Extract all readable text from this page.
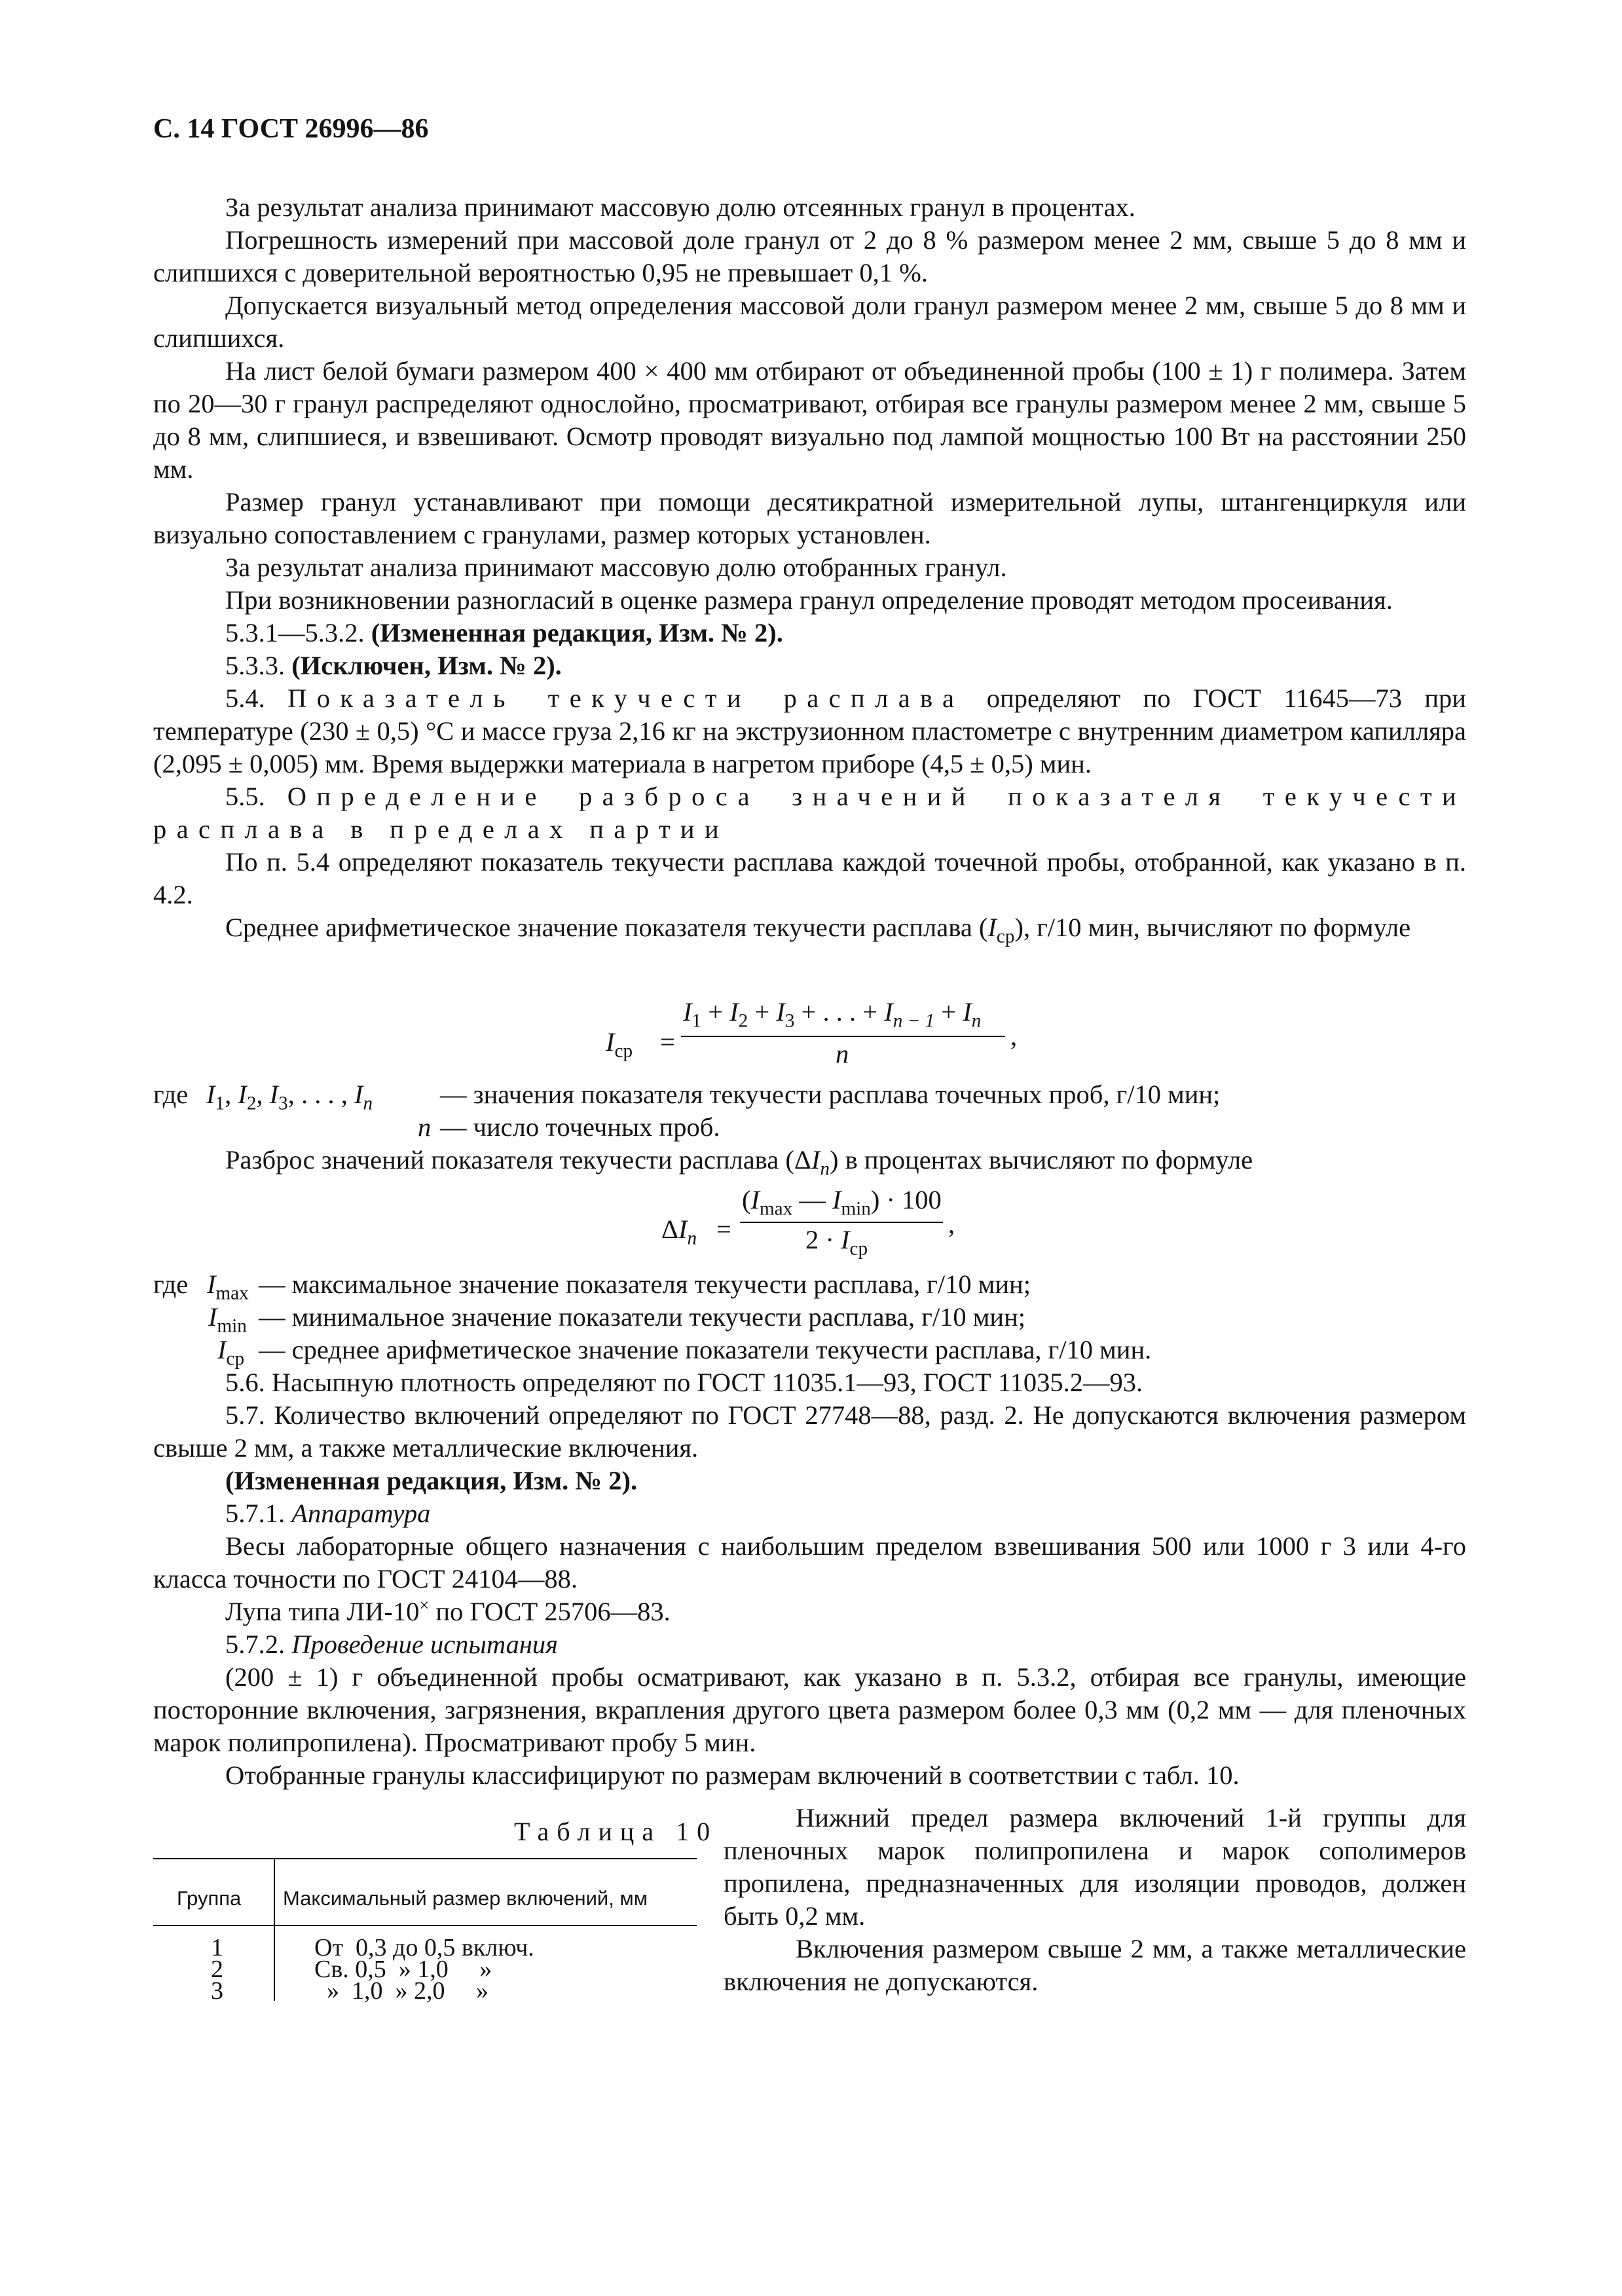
С. 14 ГОСТ 26996—86

За результат анализа принимают массовую долю отсеянных гранул в процентах.

Погрешность измерений при массовой доле гранул от 2 до 8 % размером менее 2 мм, свыше 5 до 8 мм и слипшихся с доверительной вероятностью 0,95 не превышает 0,1 %.

Допускается визуальный метод определения массовой доли гранул размером менее 2 мм, свыше 5 до 8 мм и слипшихся.

На лист белой бумаги размером 400 × 400 мм отбирают от объединенной пробы (100 ± 1) г полимера. Затем по 20—30 г гранул распределяют однослойно, просматривают, отбирая все гранулы размером менее 2 мм, свыше 5 до 8 мм, слипшиеся, и взвешивают. Осмотр проводят визуально под лампой мощностью 100 Вт на расстоянии 250 мм.

Размер гранул устанавливают при помощи десятикратной измерительной лупы, штангенциркуля или визуально сопоставлением с гранулами, размер которых установлен.

За результат анализа принимают массовую долю отобранных гранул.

При возникновении разногласий в оценке размера гранул определение проводят методом просеивания.

5.3.1—5.3.2. (Измененная редакция, Изм. № 2).

5.3.3. (Исключен, Изм. № 2).

5.4. Показатель текучести расплава определяют по ГОСТ 11645—73 при температуре (230 ± 0,5) °С и массе груза 2,16 кг на экструзионном пластометре с внутренним диаметром капилляра (2,095 ± 0,005) мм. Время выдержки материала в нагретом приборе (4,5 ± 0,5) мин.

5.5. Определение разброса значений показателя текучести расплава в пределах партии

По п. 5.4 определяют показатель текучести расплава каждой точечной пробы, отобранной, как указано в п. 4.2.

Среднее арифметическое значение показателя текучести расплава $(I_{ср})$, г/10 мин, вычисляют по формуле

$I_{ср}$ =
$I_1 + I_2 + I_3$ + . . . + $I_{n - 1} + I_n$
n
,
где $I_1$, $I_2$, $I_3$, . . . , $I_n$	— значения показателя текучести расплава точечных проб, г/10 мин;
n — число точечных проб.

Разброс значений показателя текучести расплава $(\Delta I_n)$ в процентах вычисляют по формуле

$\Delta I_n$ =
($I_{max}$ — $I_{min}) \cdot 100$
$2 \cdot I_{ср}$
,
где $I_{max}$ — максимальное значение показателя текучести расплава, г/10 мин;
$I_{min}$ — минимальное значение показатели текучести расплава, г/10 мин;
$I_{ср}$ — среднее арифметическое значение показатели текучести расплава, г/10 мин.

5.6. Насыпную плотность определяют по ГОСТ 11035.1—93, ГОСТ 11035.2—93.

5.7. Количество включений определяют по ГОСТ 27748—88, разд. 2. Не допускаются включения размером свыше 2 мм, а также металлические включения.

(Измененная редакция, Изм. № 2).

5.7.1. Аппаратура

Весы лабораторные общего назначения с наибольшим пределом взвешивания 500 или 1000 г 3 или 4-го класса точности по ГОСТ 24104—88.

Лупа типа ЛИ-10× по ГОСТ 25706—83.

5.7.2. Проведение испытания

(200 ± 1) г объединенной пробы осматривают, как указано в п. 5.3.2, отбирая все гранулы, имеющие посторонние включения, загрязнения, вкрапления другого цвета размером более 0,3 мм (0,2 мм — для пленочных марок полипропилена). Просматривают пробу 5 мин.

Отобранные гранулы классифицируют по размерам включений в соответствии с табл. 10.

Таблица 10
Группа Максимальный размер включений, мм
1	От  0,3 до 0,5 включ.
2	Св. 0,5  » 1,0     »
3	»  1,0  » 2,0     »

Нижний предел размера включений 1-й группы для пленочных марок полипропилена и марок сополимеров пропилена, предназначенных для изоляции проводов, должен быть 0,2 мм.

Включения размером свыше 2 мм, а также металлические включения не допускаются.
